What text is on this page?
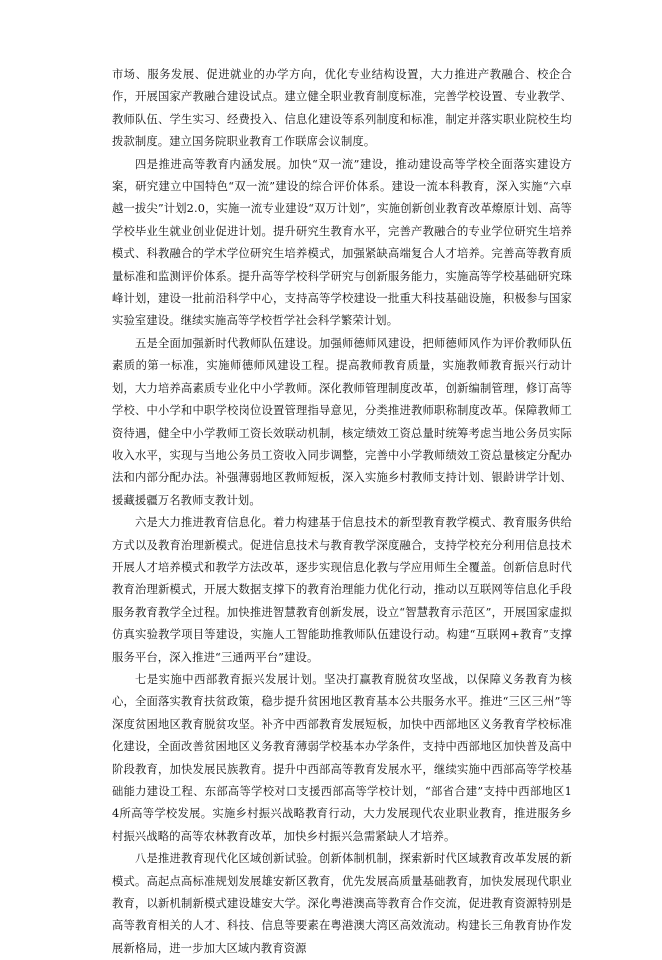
市场、服务发展、促进就业的办学方向，优化专业结构设置，大力推进产教融合、校企合作，开展国家产教融合建设试点。建立健全职业教育制度标准，完善学校设置、专业教学、教师队伍、学生实习、经费投入、信息化建设等系列制度和标准，制定并落实职业院校生均拨款制度。建立国务院职业教育工作联席会议制度。

四是推进高等教育内涵发展。加快“双一流”建设，推动建设高等学校全面落实建设方案，研究建立中国特色“双一流”建设的综合评价体系。建设一流本科教育，深入实施“六卓越一拔尖”计划2.0，实施一流专业建设“双万计划”，实施创新创业教育改革燎原计划、高等学校毕业生就业创业促进计划。提升研究生教育水平，完善产教融合的专业学位研究生培养模式、科教融合的学术学位研究生培养模式，加强紧缺高端复合人才培养。完善高等教育质量标准和监测评价体系。提升高等学校科学研究与创新服务能力，实施高等学校基础研究珠峰计划，建设一批前沿科学中心，支持高等学校建设一批重大科技基础设施，积极参与国家实验室建设。继续实施高等学校哲学社会科学繁荣计划。

五是全面加强新时代教师队伍建设。加强师德师风建设，把师德师风作为评价教师队伍素质的第一标准，实施师德师风建设工程。提高教师教育质量，实施教师教育振兴行动计划，大力培养高素质专业化中小学教师。深化教师管理制度改革，创新编制管理，修订高等学校、中小学和中职学校岗位设置管理指导意见，分类推进教师职称制度改革。保障教师工资待遇，健全中小学教师工资长效联动机制，核定绩效工资总量时统筹考虑当地公务员实际收入水平，实现与当地公务员工资收入同步调整，完善中小学教师绩效工资总量核定分配办法和内部分配办法。补强薄弱地区教师短板，深入实施乡村教师支持计划、银龄讲学计划、援藏援疆万名教师支教计划。

六是大力推进教育信息化。着力构建基于信息技术的新型教育教学模式、教育服务供给方式以及教育治理新模式。促进信息技术与教育教学深度融合，支持学校充分利用信息技术开展人才培养模式和教学方法改革，逐步实现信息化教与学应用师生全覆盖。创新信息时代教育治理新模式，开展大数据支撑下的教育治理能力优化行动，推动以互联网等信息化手段服务教育教学全过程。加快推进智慧教育创新发展，设立“智慧教育示范区”，开展国家虚拟仿真实验教学项目等建设，实施人工智能助推教师队伍建设行动。构建“互联网+教育”支撑服务平台，深入推进“三通两平台”建设。

七是实施中西部教育振兴发展计划。坚决打赢教育脱贫攻坚战，以保障义务教育为核心，全面落实教育扶贫政策，稳步提升贫困地区教育基本公共服务水平。推进“三区三州”等深度贫困地区教育脱贫攻坚。补齐中西部教育发展短板，加快中西部地区义务教育学校标准化建设，全面改善贫困地区义务教育薄弱学校基本办学条件，支持中西部地区加快普及高中阶段教育，加快发展民族教育。提升中西部高等教育发展水平，继续实施中西部高等学校基础能力建设工程、东部高等学校对口支援西部高等学校计划，“部省合建”支持中西部地区14所高等学校发展。实施乡村振兴战略教育行动，大力发展现代农业职业教育，推进服务乡村振兴战略的高等农林教育改革，加快乡村振兴急需紧缺人才培养。

八是推进教育现代化区域创新试验。创新体制机制，探索新时代区域教育改革发展的新模式。高起点高标准规划发展雄安新区教育，优先发展高质量基础教育，加快发展现代职业教育，以新机制新模式建设雄安大学。深化粤港澳高等教育合作交流，促进教育资源特别是高等教育相关的人才、科技、信息等要素在粤港澳大湾区高效流动。构建长三角教育协作发展新格局，进一步加大区域内教育资源
